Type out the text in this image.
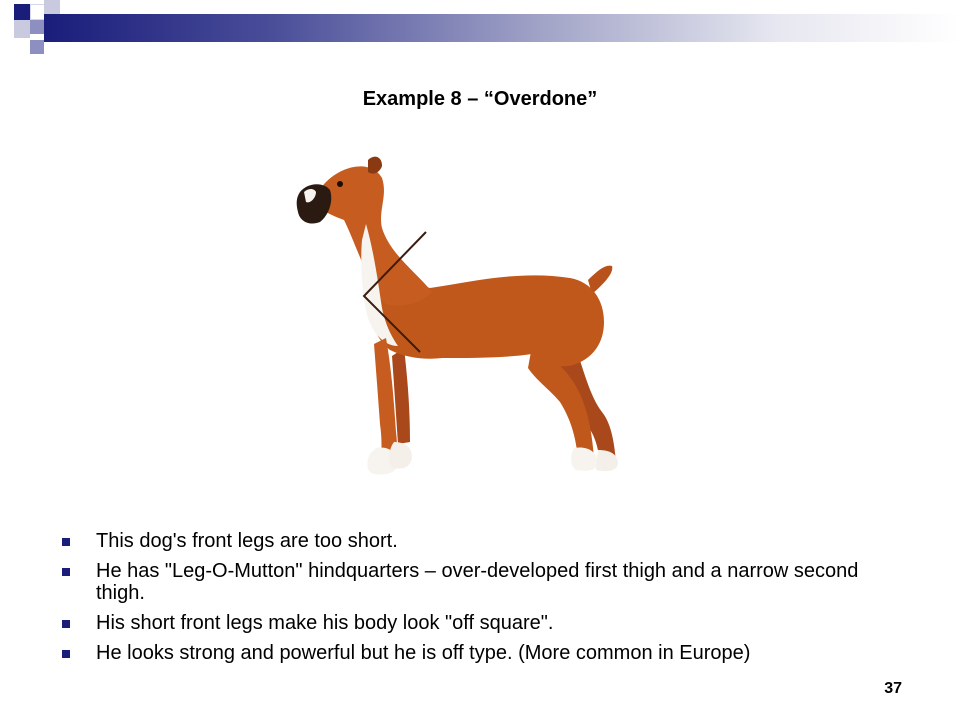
Example 8 – “Overdone”
This dog's front legs are too short.
He has "Leg-O-Mutton" hindquarters – over-developed first thigh and a narrow second thigh.
His short front legs make his body look "off square".
He looks strong and powerful but he is off type. (More common in Europe)
37
